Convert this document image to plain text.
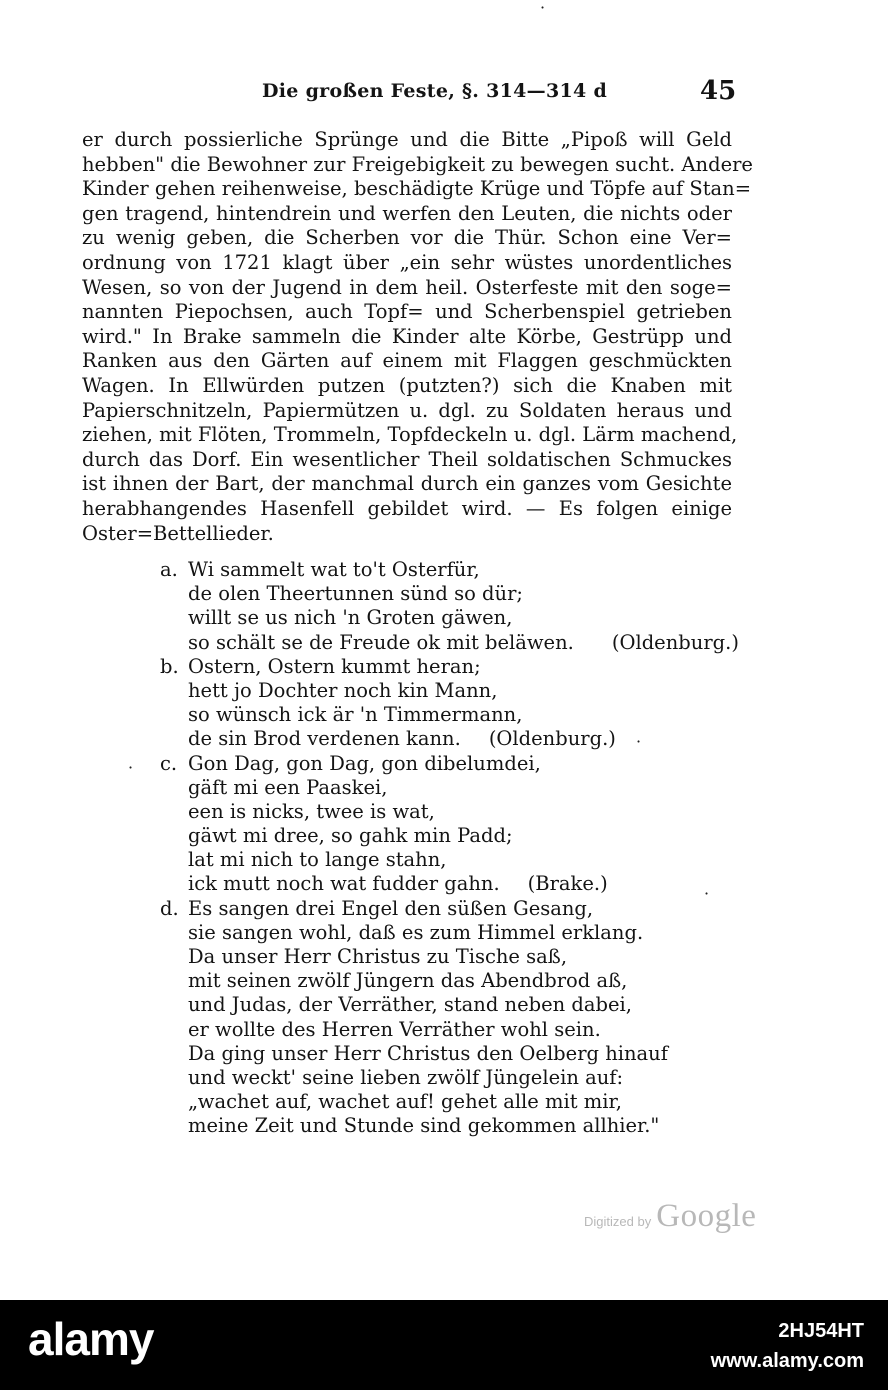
·
Die großen Feste, §. 314—314 d	45
er durch possierliche Sprünge und die Bitte „Pipoß will Geld
hebben" die Bewohner zur Freigebigkeit zu bewegen sucht. Andere
Kinder gehen reihenweise, beschädigte Krüge und Töpfe auf Stan=
gen tragend, hintendrein und werfen den Leuten, die nichts oder
zu wenig geben, die Scherben vor die Thür. Schon eine Ver=
ordnung von 1721 klagt über „ein sehr wüstes unordentliches
Wesen, so von der Jugend in dem heil. Osterfeste mit den soge=
nannten Piepochsen, auch Topf= und Scherbenspiel getrieben
wird." In Brake sammeln die Kinder alte Körbe, Gestrüpp und
Ranken aus den Gärten auf einem mit Flaggen geschmückten
Wagen. In Ellwürden putzen (putzten?) sich die Knaben mit
Papierschnitzeln, Papiermützen u. dgl. zu Soldaten heraus und
ziehen, mit Flöten, Trommeln, Topfdeckeln u. dgl. Lärm machend,
durch das Dorf. Ein wesentlicher Theil soldatischen Schmuckes
ist ihnen der Bart, der manchmal durch ein ganzes vom Gesichte
herabhangendes Hasenfell gebildet wird. — Es folgen einige
Oster=Bettellieder.
a. Wi sammelt wat to't Osterfür,
de olen Theertunnen sünd so dür;
willt se us nich 'n Groten gäwen,
so schält se de Freude ok mit beläwen. (Oldenburg.)
b. Ostern, Ostern kummt heran;
hett jo Dochter noch kin Mann,
so wünsch ick är 'n Timmermann,
de sin Brod verdenen kann. (Oldenburg.)
c. Gon Dag, gon Dag, gon dibelumdei,
gäft mi een Paaskei,
een is nicks, twee is wat,
gäwt mi dree, so gahk min Padd;
lat mi nich to lange stahn,
ick mutt noch wat fudder gahn. (Brake.)
d. Es sangen drei Engel den süßen Gesang,
sie sangen wohl, daß es zum Himmel erklang.
Da unser Herr Christus zu Tische saß,
mit seinen zwölf Jüngern das Abendbrod aß,
und Judas, der Verräther, stand neben dabei,
er wollte des Herren Verräther wohl sein.
Da ging unser Herr Christus den Oelberg hinauf
und weckt' seine lieben zwölf Jüngelein auf:
„wachet auf, wachet auf! gehet alle mit mir,
meine Zeit und Stunde sind gekommen allhier."
·
·
·
Digitized by Google
alamy	2HJ54HT
www.alamy.com
